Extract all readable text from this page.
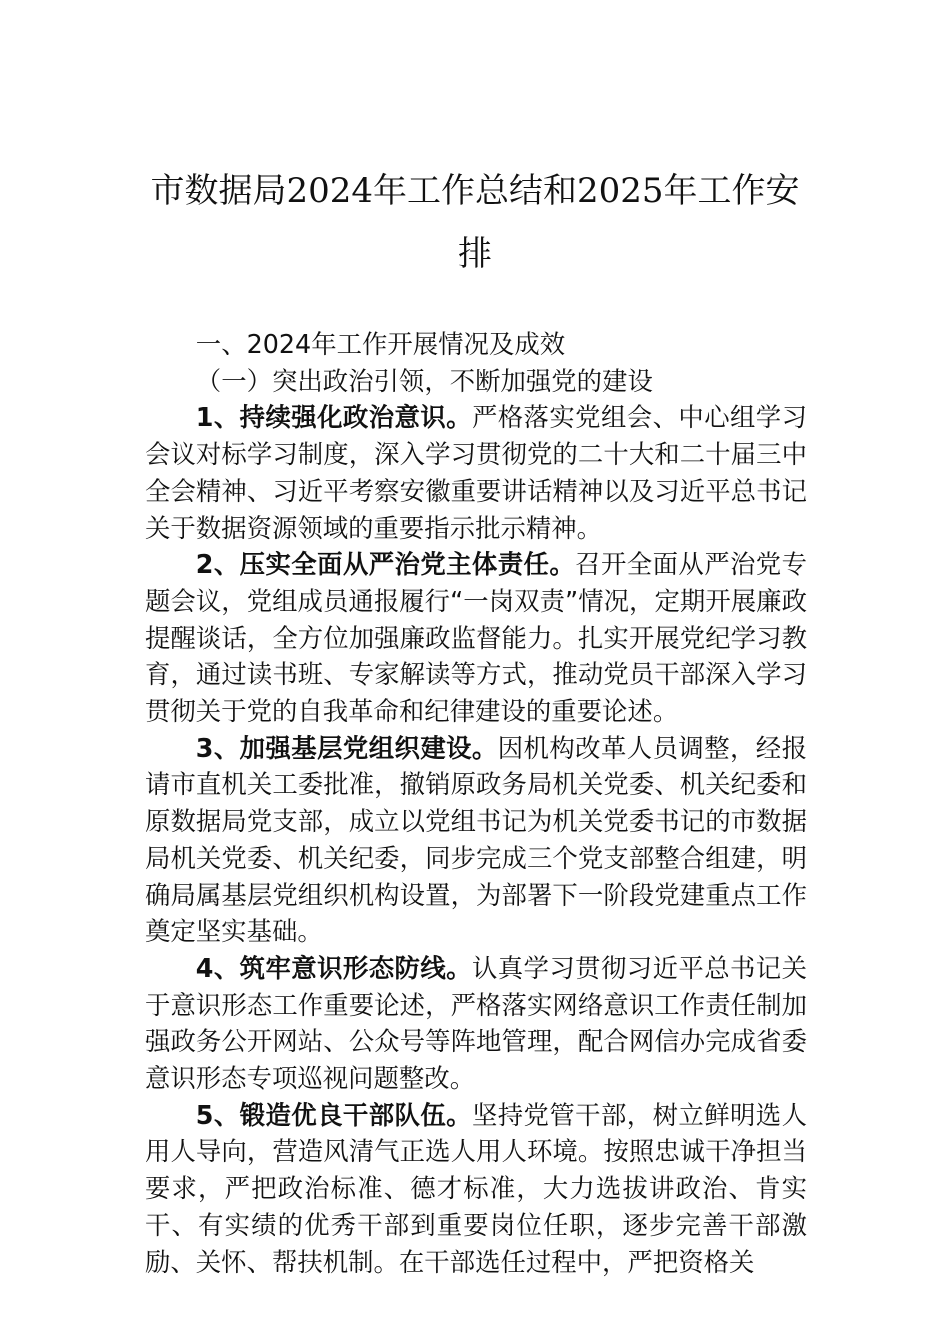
市数据局2024年工作总结和2025年工作安排

一、2024年工作开展情况及成效

（一）突出政治引领，不断加强党的建设

1、持续强化政治意识。严格落实党组会、中心组学习会议对标学习制度，深入学习贯彻党的二十大和二十届三中全会精神、习近平考察安徽重要讲话精神以及习近平总书记关于数据资源领域的重要指示批示精神。

2、压实全面从严治党主体责任。召开全面从严治党专题会议，党组成员通报履行“一岗双责”情况，定期开展廉政提醒谈话，全方位加强廉政监督能力。扎实开展党纪学习教育，通过读书班、专家解读等方式，推动党员干部深入学习贯彻关于党的自我革命和纪律建设的重要论述。

3、加强基层党组织建设。因机构改革人员调整，经报请市直机关工委批准，撤销原政务局机关党委、机关纪委和原数据局党支部，成立以党组书记为机关党委书记的市数据局机关党委、机关纪委，同步完成三个党支部整合组建，明确局属基层党组织机构设置，为部署下一阶段党建重点工作奠定坚实基础。

4、筑牢意识形态防线。认真学习贯彻习近平总书记关于意识形态工作重要论述，严格落实网络意识工作责任制加强政务公开网站、公众号等阵地管理，配合网信办完成省委意识形态专项巡视问题整改。

5、锻造优良干部队伍。坚持党管干部，树立鲜明选人用人导向，营造风清气正选人用人环境。按照忠诚干净担当要求，严把政治标准、德才标准，大力选拔讲政治、肯实干、有实绩的优秀干部到重要岗位任职，逐步完善干部激励、关怀、帮扶机制。在干部选任过程中，严把资格关
